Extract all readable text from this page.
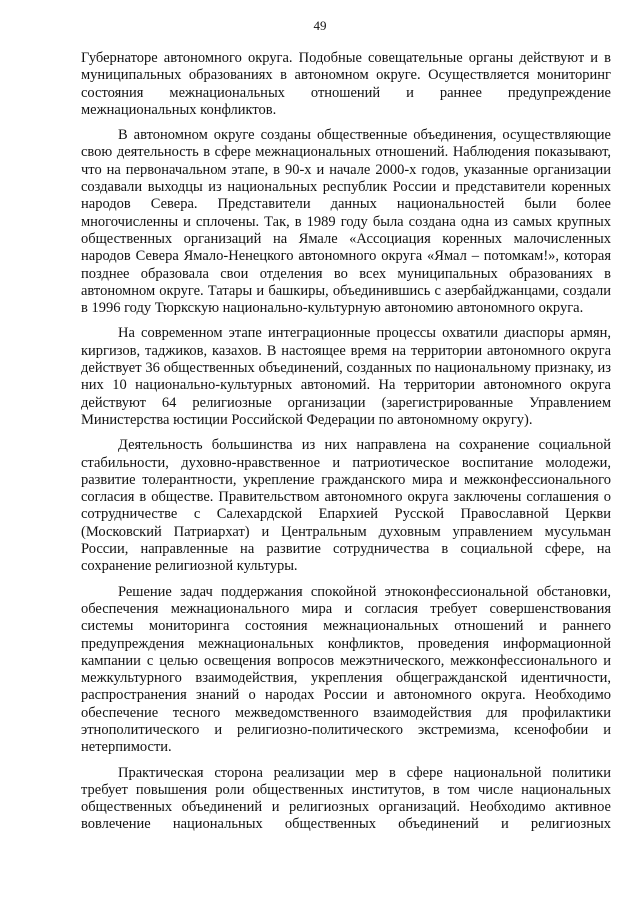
49

Губернаторе автономного округа. Подобные совещательные органы действуют и в муниципальных образованиях в автономном округе. Осуществляется мониторинг состояния межнациональных отношений и раннее предупреждение межнациональных конфликтов.

В автономном округе созданы общественные объединения, осуществляющие свою деятельность в сфере межнациональных отношений. Наблюдения показывают, что на первоначальном этапе, в 90-х и начале 2000-х годов, указанные организации создавали выходцы из национальных республик России и представители коренных народов Севера. Представители данных национальностей были более многочисленны и сплочены. Так, в 1989 году была создана одна из самых крупных общественных организаций на Ямале «Ассоциация коренных малочисленных народов Севера Ямало-Ненецкого автономного округа «Ямал – потомкам!», которая позднее образовала свои отделения во всех муниципальных образованиях в автономном округе. Татары и башкиры, объединившись с азербайджанцами, создали в 1996 году Тюркскую национально-культурную автономию автономного округа.

На современном этапе интеграционные процессы охватили диаспоры армян, киргизов, таджиков, казахов. В настоящее время на территории автономного округа действует 36 общественных объединений, созданных по национальному признаку, из них 10 национально-культурных автономий. На территории автономного округа действуют 64 религиозные организации (зарегистрированные Управлением Министерства юстиции Российской Федерации по автономному округу).

Деятельность большинства из них направлена на сохранение социальной стабильности, духовно-нравственное и патриотическое воспитание молодежи, развитие толерантности, укрепление гражданского мира и межконфессионального согласия в обществе. Правительством автономного округа заключены соглашения о сотрудничестве с Салехардской Епархией Русской Православной Церкви (Московский Патриархат) и Центральным духовным управлением мусульман России, направленные на развитие сотрудничества в социальной сфере, на сохранение религиозной культуры.

Решение задач поддержания спокойной этноконфессиональной обстановки, обеспечения межнационального мира и согласия требует совершенствования системы мониторинга состояния межнациональных отношений и раннего предупреждения межнациональных конфликтов, проведения информационной кампании с целью освещения вопросов межэтнического, межконфессионального и межкультурного взаимодействия, укрепления общегражданской идентичности, распространения знаний о народах России и автономного округа. Необходимо обеспечение тесного межведомственного взаимодействия для профилактики этнополитического и религиозно-политического экстремизма, ксенофобии и нетерпимости.

Практическая сторона реализации мер в сфере национальной политики требует повышения роли общественных институтов, в том числе национальных общественных объединений и религиозных организаций. Необходимо активное вовлечение национальных общественных объединений и религиозных
